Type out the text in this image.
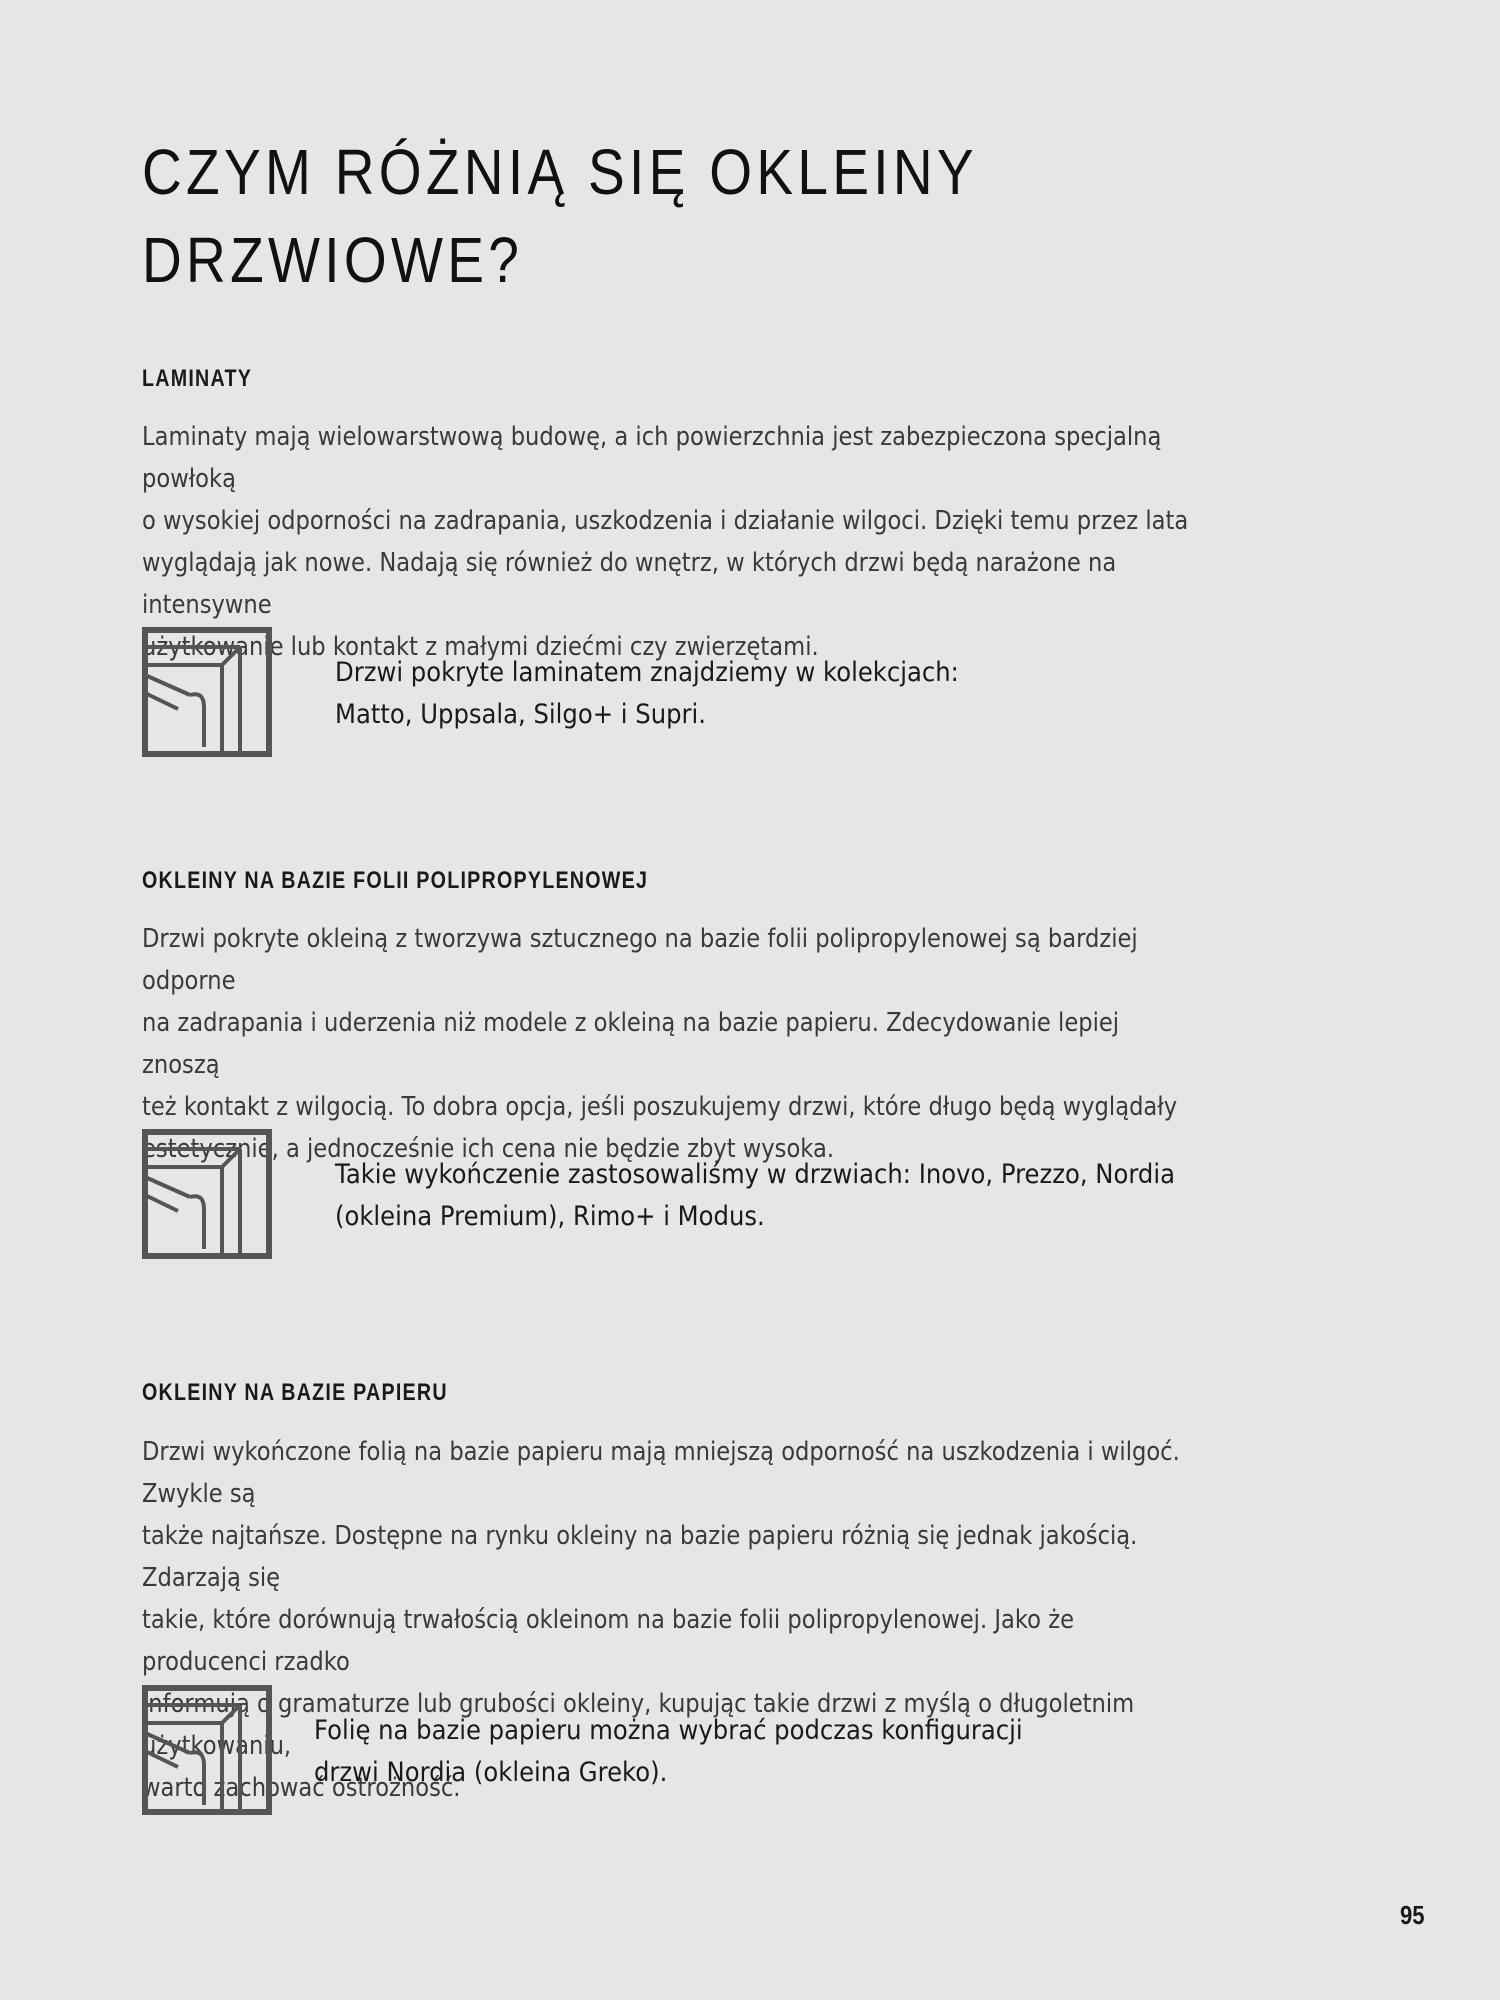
CZYM RÓŻNIĄ SIĘ OKLEINY
DRZWIOWE?
LAMINATY

Laminaty mają wielowarstwową budowę, a ich powierzchnia jest zabezpieczona specjalną powłoką
o wysokiej odporności na zadrapania, uszkodzenia i działanie wilgoci. Dzięki temu przez lata
wyglądają jak nowe. Nadają się również do wnętrz, w których drzwi będą narażone na intensywne
użytkowanie lub kontakt z małymi dziećmi czy zwierzętami.

Drzwi pokryte laminatem znajdziemy w kolekcjach:
Matto, Uppsala, Silgo+ i Supri.

OKLEINY NA BAZIE FOLII POLIPROPYLENOWEJ

Drzwi pokryte okleiną z tworzywa sztucznego na bazie folii polipropylenowej są bardziej odporne
na zadrapania i uderzenia niż modele z okleiną na bazie papieru. Zdecydowanie lepiej znoszą
też kontakt z wilgocią. To dobra opcja, jeśli poszukujemy drzwi, które długo będą wyglądały
estetycznie, a jednocześnie ich cena nie będzie zbyt wysoka.

Takie wykończenie zastosowaliśmy w drzwiach: Inovo, Prezzo, Nordia
(okleina Premium), Rimo+ i Modus.

OKLEINY NA BAZIE PAPIERU

Drzwi wykończone folią na bazie papieru mają mniejszą odporność na uszkodzenia i wilgoć. Zwykle są
także najtańsze. Dostępne na rynku okleiny na bazie papieru różnią się jednak jakością. Zdarzają się
takie, które dorównują trwałością okleinom na bazie folii polipropylenowej. Jako że producenci rzadko
informują o gramaturze lub grubości okleiny, kupując takie drzwi z myślą o długoletnim użytkowaniu,
warto zachować ostrożność.

Folię na bazie papieru można wybrać podczas konfiguracji
drzwi Nordia (okleina Greko).

95
